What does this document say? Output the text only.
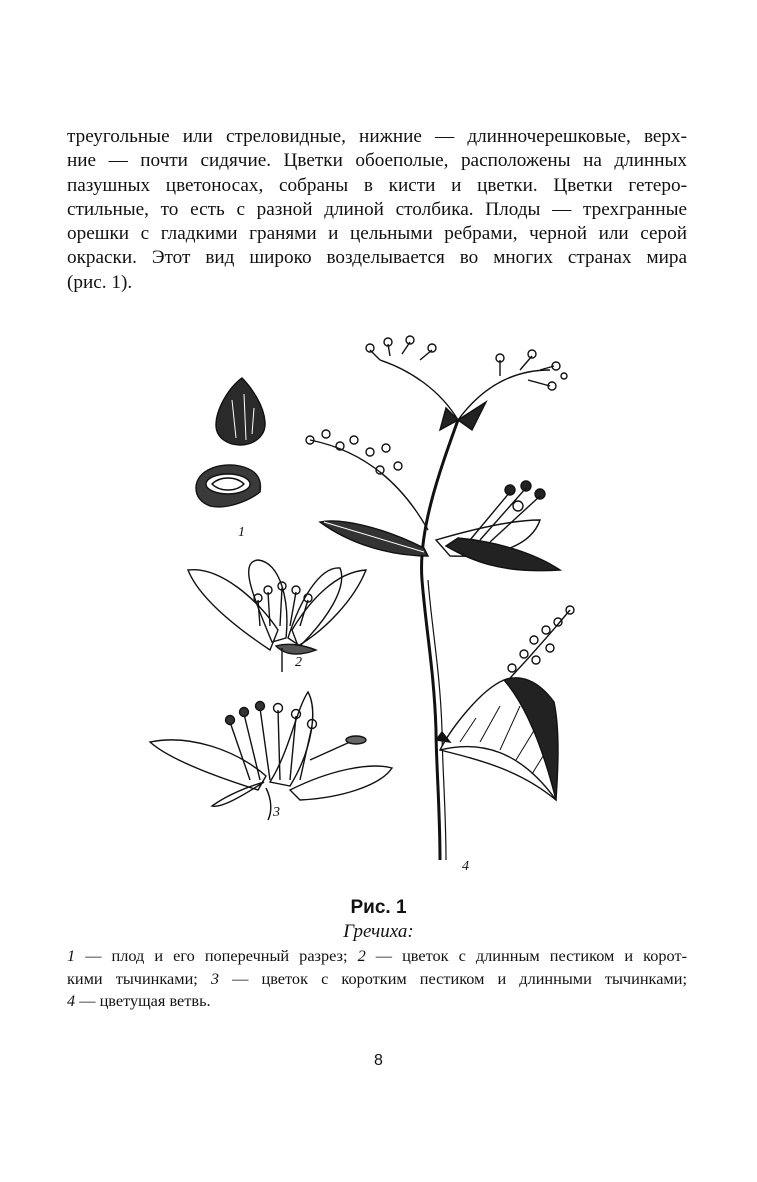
треугольные или стреловидные, нижние — длинночерешковые, верх-
ние — почти сидячие. Цветки обоеполые, расположены на длинных
пазушных цветоносах, собраны в кисти и цветки. Цветки гетеро-
стильные, то есть с разной длиной столбика. Плоды — трехгранные
орешки с гладкими гранями и цельными ребрами, черной или серой
окраски. Этот вид широко возделывается во многих странах мира
(рис. 1).
1
2
3
4
Рис. 1
Гречиха:
1 — плод и его поперечный разрез; 2 — цветок с длинным пестиком и корот-
кими тычинками; 3 — цветок с коротким пестиком и длинными тычинками;
4 — цветущая ветвь.
8
